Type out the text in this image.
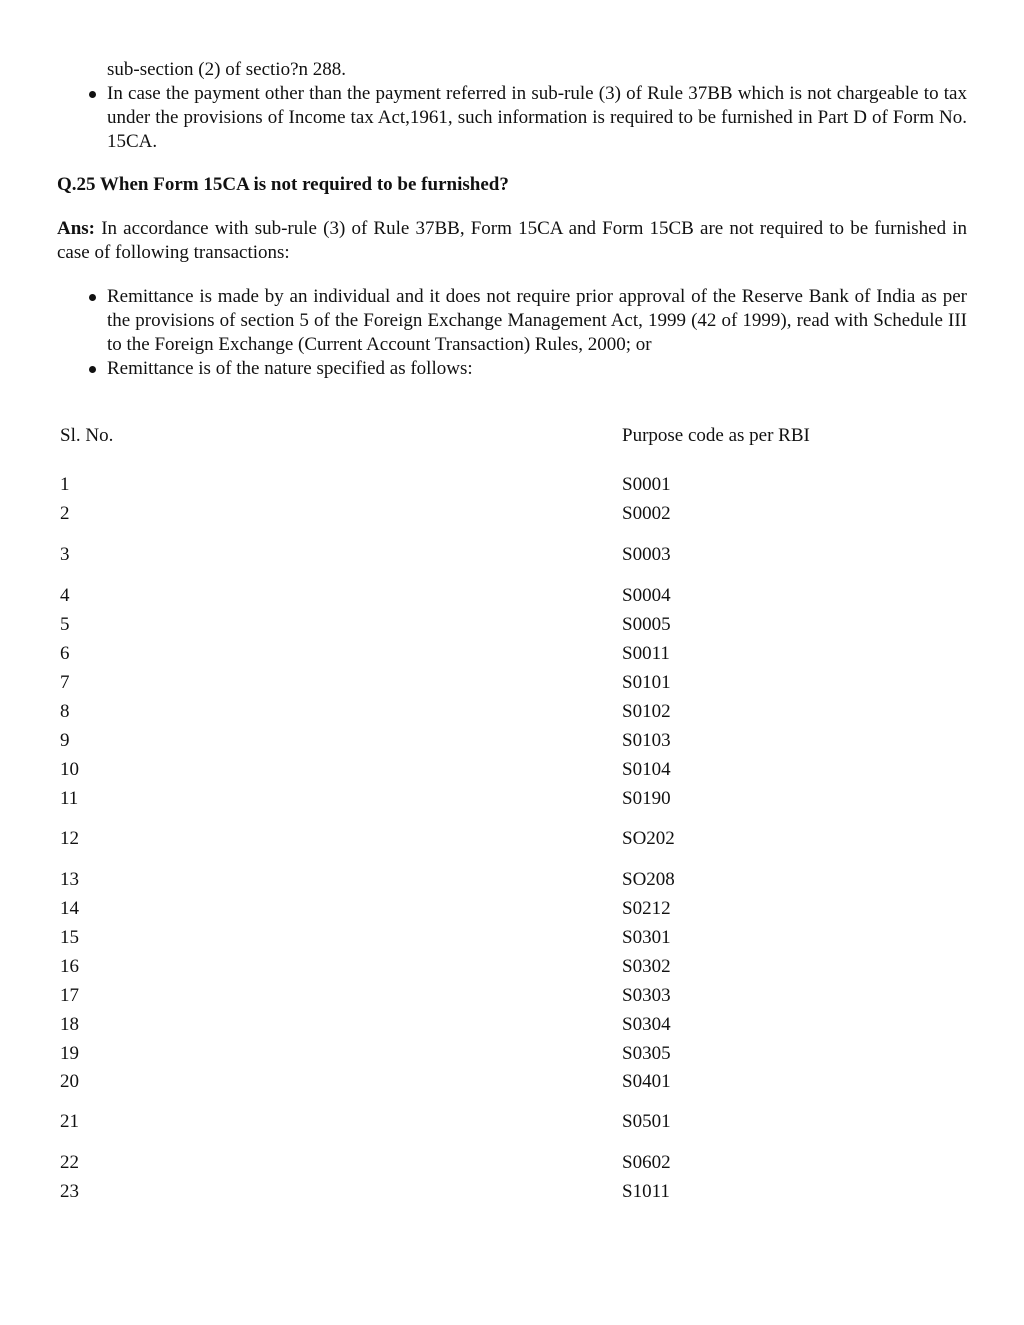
sub-section (2) of sectio?n 288.
In case the payment other than the payment referred in sub-rule (3) of Rule 37BB which is not chargeable to tax under the provisions of Income tax Act,1961, such information is required to be furnished in Part D of Form No. 15CA.
Q.25 When Form 15CA is not required to be furnished?
Ans: In accordance with sub-rule (3) of Rule 37BB, Form 15CA and Form 15CB are not required to be furnished in case of following transactions:
Remittance is made by an individual and it does not require prior approval of the Reserve Bank of India as per the provisions of section 5 of the Foreign Exchange Management Act, 1999 (42 of 1999), read with Schedule III to the Foreign Exchange (Current Account Transaction) Rules, 2000; or
Remittance is of the nature specified as follows:
Sl. No.	Purpose code as per RBI
1	S0001
2	S0002
3	S0003
4	S0004
5	S0005
6	S0011
7	S0101
8	S0102
9	S0103
10	S0104
11	S0190
12	SO202
13	SO208
14	S0212
15	S0301
16	S0302
17	S0303
18	S0304
19	S0305
20	S0401
21	S0501
22	S0602
23	S1011
